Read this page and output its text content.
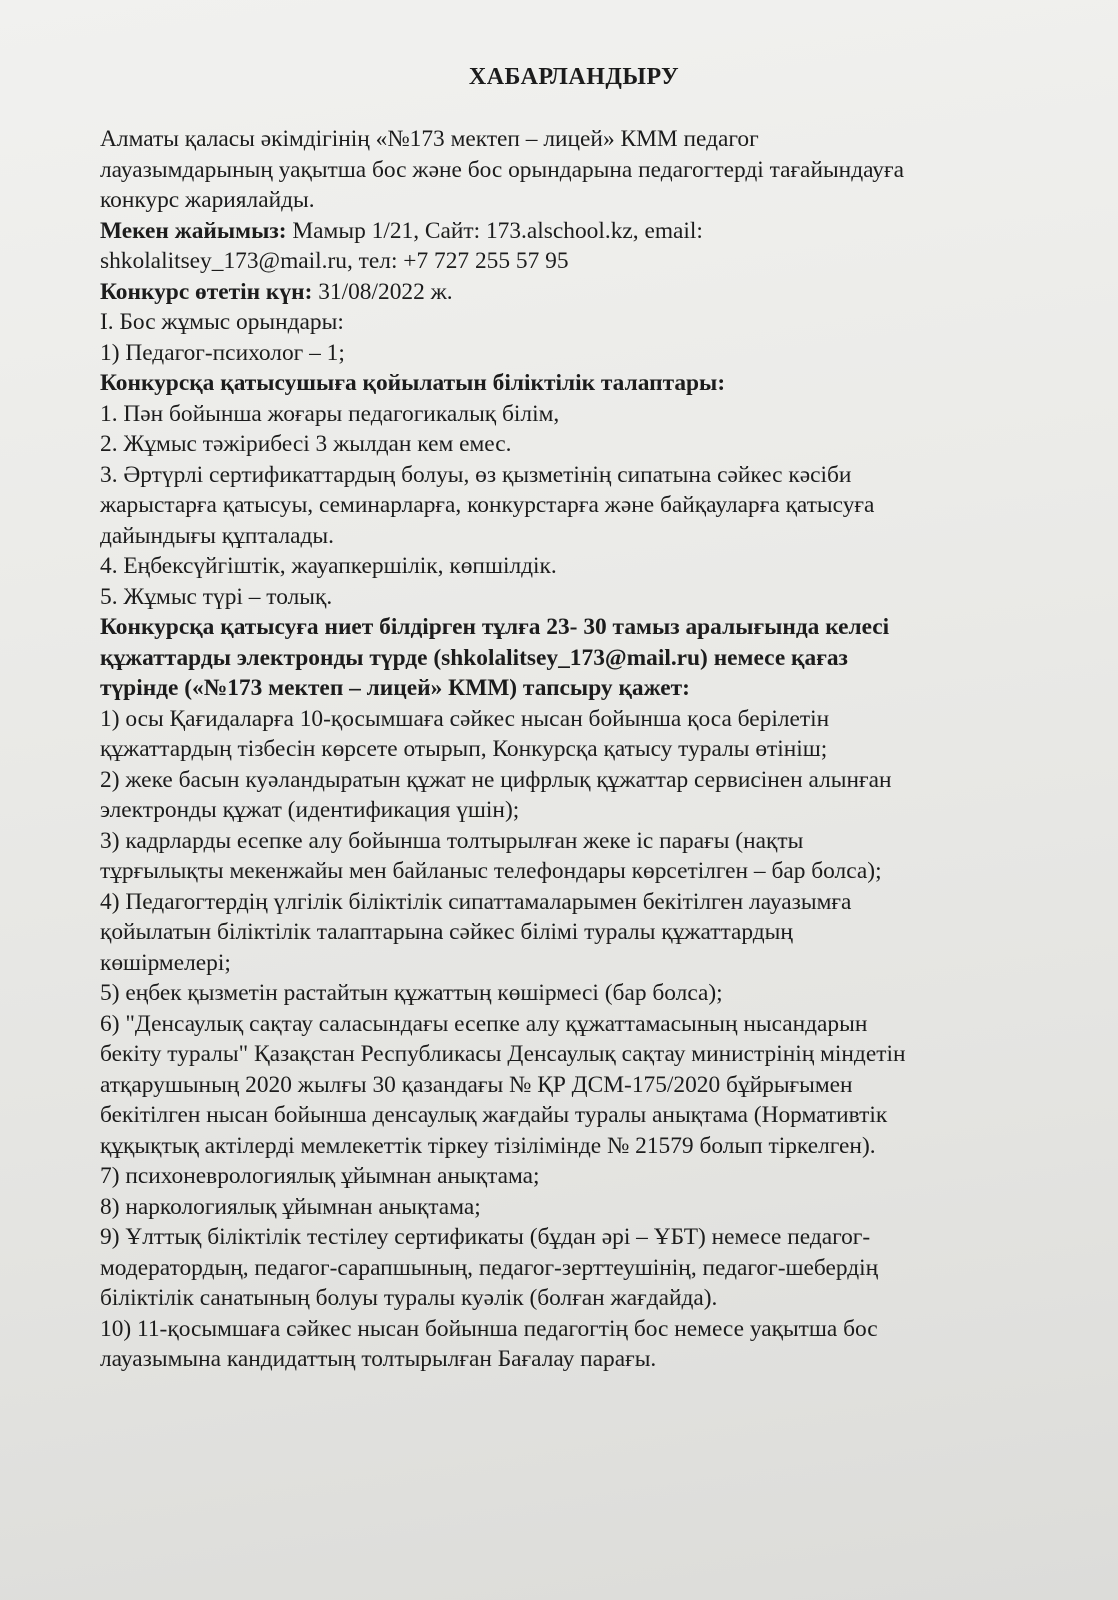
ХАБАРЛАНДЫРУ
Алматы қаласы әкімдігінің «№173 мектеп – лицей» КММ педагог
лауазымдарының уақытша бос және бос орындарына педагогтерді тағайындауға
конкурс жариялайды.
Мекен жайымыз: Мамыр 1/21, Сайт: 173.alschool.kz, email:
shkolalitsey_173@mail.ru, тел: +7 727 255 57 95
Конкурс өтетін күн: 31/08/2022 ж.
I. Бос жұмыс орындары:
1) Педагог-психолог – 1;
Конкурсқа қатысушыға қойылатын біліктілік талаптары:
1. Пән бойынша жоғары педагогикалық білім,
2. Жұмыс тәжірибесі 3 жылдан кем емес.
3. Әртүрлі сертификаттардың болуы, өз қызметінің сипатына сәйкес кәсіби
жарыстарға қатысуы, семинарларға, конкурстарға және байқауларға қатысуға
дайындығы құпталады.
4. Еңбексүйгіштік, жауапкершілік, көпшілдік.
5. Жұмыс түрі – толық.
Конкурсқа қатысуға ниет білдірген тұлға 23- 30 тамыз аралығында келесі
құжаттарды электронды түрде (shkolalitsey_173@mail.ru) немесе қағаз
түрінде («№173 мектеп – лицей» КММ) тапсыру қажет:
1) осы Қағидаларға 10-қосымшаға сәйкес нысан бойынша қоса берілетін
құжаттардың тізбесін көрсете отырып, Конкурсқа қатысу туралы өтініш;
2) жеке басын куәландыратын құжат не цифрлық құжаттар сервисінен алынған
электронды құжат (идентификация үшін);
3) кадрларды есепке алу бойынша толтырылған жеке іс парағы (нақты
тұрғылықты мекенжайы мен байланыс телефондары көрсетілген – бар болса);
4) Педагогтердің үлгілік біліктілік сипаттамаларымен бекітілген лауазымға
қойылатын біліктілік талаптарына сәйкес білімі туралы құжаттардың
көшірмелері;
5) еңбек қызметін растайтын құжаттың көшірмесі (бар болса);
6) "Денсаулық сақтау саласындағы есепке алу құжаттамасының нысандарын
бекіту туралы" Қазақстан Республикасы Денсаулық сақтау министрінің міндетін
атқарушының 2020 жылғы 30 қазандағы № ҚР ДСМ-175/2020 бұйрығымен
бекітілген нысан бойынша денсаулық жағдайы туралы анықтама (Нормативтік
құқықтық актілерді мемлекеттік тіркеу тізілімінде № 21579 болып тіркелген).
7) психоневрологиялық ұйымнан анықтама;
8) наркологиялық ұйымнан анықтама;
9) Ұлттық біліктілік тестілеу сертификаты (бұдан әрі – ҰБТ) немесе педагог-
модератордың, педагог-сарапшының, педагог-зерттеушінің, педагог-шебердің
біліктілік санатының болуы туралы куәлік (болған жағдайда).
10) 11-қосымшаға сәйкес нысан бойынша педагогтің бос немесе уақытша бос
лауазымына кандидаттың толтырылған Бағалау парағы.
